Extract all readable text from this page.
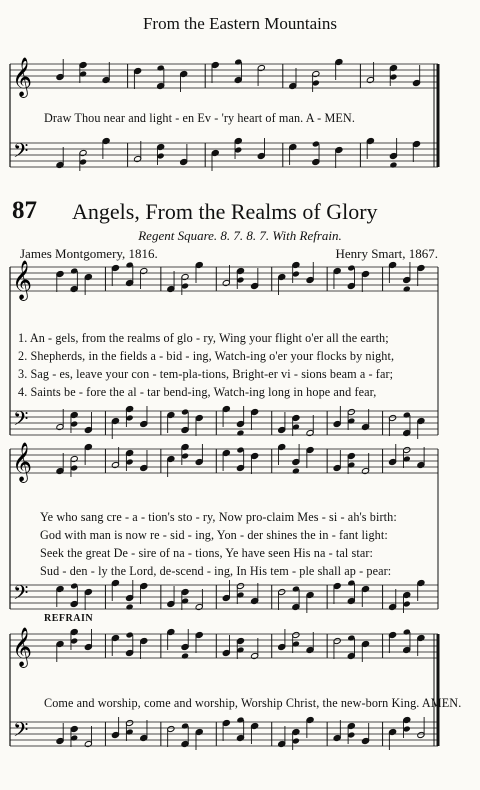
From the Eastern Mountains
𝄞
𝄢
𝄞
𝄢
𝄞
𝄢
𝄞
𝄢
Draw Thou near and light - en Ev - 'ry heart of man. A - MEN.
87 Angels, From the Realms of Glory
Regent Square. 8. 7. 8. 7. With Refrain.
James Montgomery, 1816.	Henry Smart, 1867.
1. An - gels, from the realms of glo - ry, Wing your flight o'er all the earth;
2. Shepherds, in the fields a - bid - ing, Watch-ing o'er your flocks by night,
3. Sag - es, leave your con - tem-pla-tions, Bright-er vi - sions beam a - far;
4. Saints be - fore the al - tar bend-ing, Watch-ing long in hope and fear,
Ye who sang cre - a - tion's sto - ry, Now pro-claim Mes - si - ah's birth:
God with man is now re - sid - ing, Yon - der shines the in - fant light:
Seek the great De - sire of na - tions, Ye have seen His na - tal star:
Sud - den - ly the Lord, de-scend - ing, In His tem - ple shall ap - pear:
REFRAIN
Come and worship, come and worship, Worship Christ, the new-born King. AMEN.
